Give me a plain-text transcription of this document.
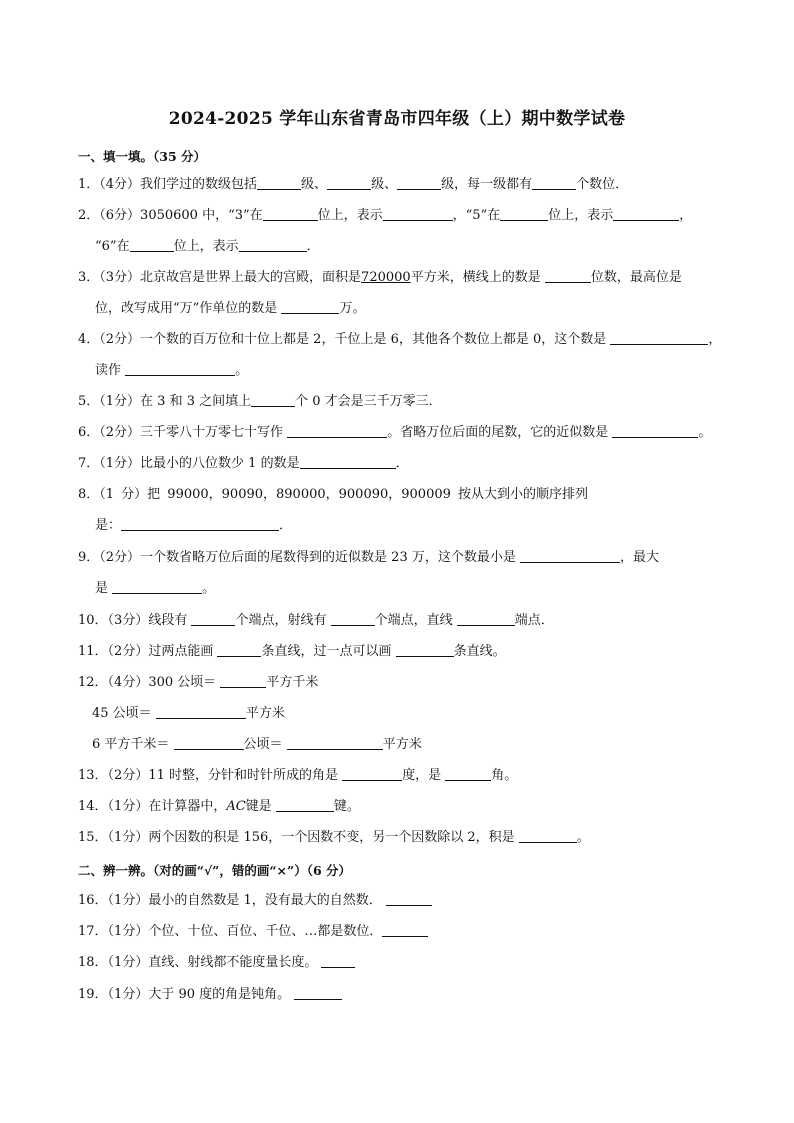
2024-2025 学年山东省青岛市四年级（上）期中数学试卷
一、填一填。（35 分）
1．（4分）我们学过的数级包括	级、	级、	级，每一级都有	个数位．
2．（6分）3050600 中，“3”在	位上，表示	，“5”在	位上，表示	，
“6”在	位上，表示	．
3．（3分）北京故宫是世界上最大的宫殿，面积是720000平方米，横线上的数是	位数，最高位是
位，改写成用“万”作单位的数是	万。
4．（2分）一个数的百万位和十位上都是 2，千位上是 6，其他各个数位上都是 0，这个数是	，
读作	。
5．（1分）在 3 和 3 之间填上	个 0 才会是三千万零三．
6．（2分）三千零八十万零七十写作	。省略万位后面的尾数，它的近似数是	。
7．（1分）比最小的八位数少 1 的数是	．
8．（1 分）把 99000，90090，890000，900090，900009 按从大到小的顺序排列
是：	．
9．（2分）一个数省略万位后面的尾数得到的近似数是 23 万，这个数最小是	，最大
是	。
10．（3分）线段有	个端点，射线有	个端点，直线	端点．
11．（2分）过两点能画	条直线，过一点可以画	条直线。
12．（4分）300 公顷＝	平方千米
45 公顷＝	平方米
6 平方千米＝	公顷＝	平方米
13．（2分）11 时整，分针和时针所成的角是	度，是	角。
14．（1分）在计算器中，AC键是	键。
15．（1分）两个因数的积是 156，一个因数不变，另一个因数除以 2，积是	。
二、辨一辨。（对的画“√”，错的画“×”）（6 分）
16．（1分）最小的自然数是 1，没有最大的自然数．
17．（1分）个位、十位、百位、千位、…都是数位．
18．（1分）直线、射线都不能度量长度。
19．（1分）大于 90 度的角是钝角。
